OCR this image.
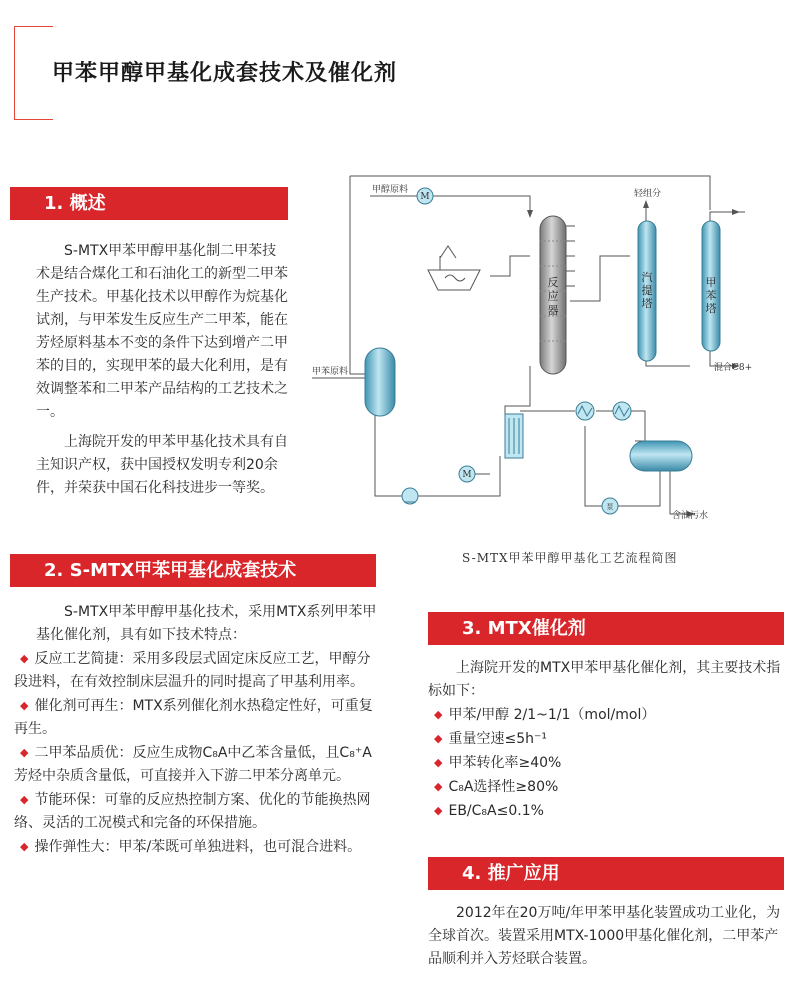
甲苯甲醇甲基化成套技术及催化剂
1. 概述

S-MTX甲苯甲醇甲基化制二甲苯技术是结合煤化工和石油化工的新型二甲苯生产技术。甲基化技术以甲醇作为烷基化试剂，与甲苯发生反应生产二甲苯，能在芳烃原料基本不变的条件下达到增产二甲苯的目的，实现甲苯的最大化利用，是有效调整苯和二甲苯产品结构的工艺技术之一。

上海院开发的甲苯甲基化技术具有自主知识产权，获中国授权发明专利20余件，并荣获中国石化科技进步一等奖。

2. S-MTX甲苯甲基化成套技术

S-MTX甲苯甲醇甲基化技术，采用MTX系列甲苯甲基化催化剂，具有如下技术特点：

◆ 反应工艺简捷：采用多段层式固定床反应工艺，甲醇分段进料，在有效控制床层温升的同时提高了甲基利用率。
◆ 催化剂可再生：MTX系列催化剂水热稳定性好，可重复再生。
◆ 二甲苯品质优：反应生成物C₈A中乙苯含量低，且C₈⁺A芳烃中杂质含量低，可直接并入下游二甲苯分离单元。
◆ 节能环保：可靠的反应热控制方案、优化的节能换热网络、灵活的工况模式和完备的环保措施。
◆ 操作弹性大：甲苯/苯既可单独进料，也可混合进料。
反
应
器
汽
提
塔
甲
苯
塔
M
M
泵
甲醇原料
甲苯原料
轻组分
混合C8+
含油污水
S-MTX甲苯甲醇甲基化工艺流程简图
3. MTX催化剂

上海院开发的MTX甲苯甲基化催化剂，其主要技术指标如下：

◆ 甲苯/甲醇 2/1~1/1（mol/mol）
◆ 重量空速≤5h⁻¹
◆ 甲苯转化率≥40%
◆ C₈A选择性≥80%
◆ EB/C₈A≤0.1%
4. 推广应用

2012年在20万吨/年甲苯甲基化装置成功工业化，为全球首次。装置采用MTX-1000甲基化催化剂，二甲苯产品顺利并入芳烃联合装置。
